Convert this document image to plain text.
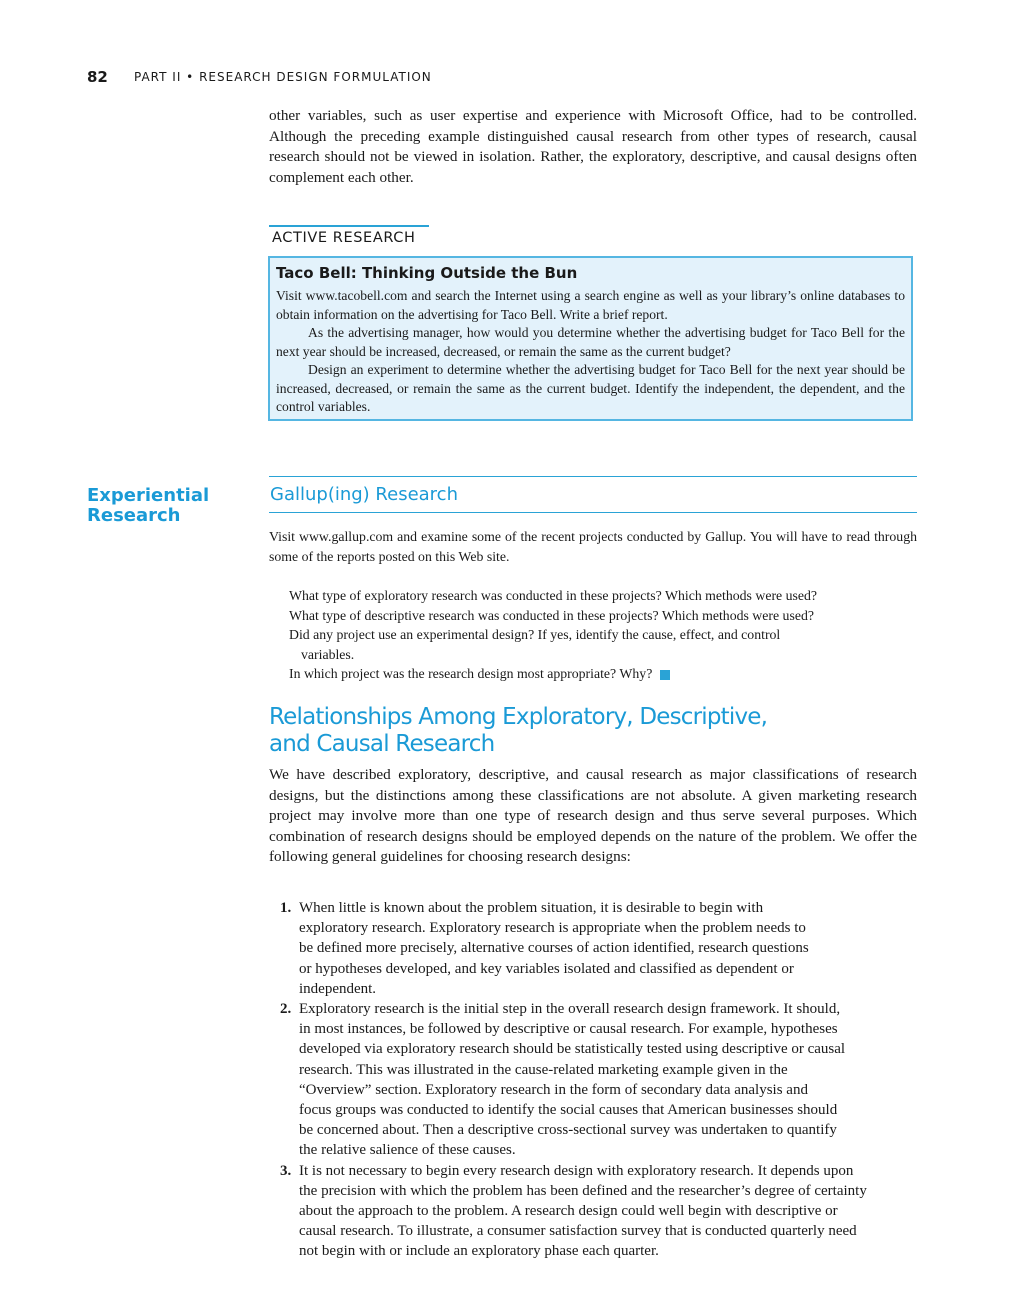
82 PART II • RESEARCH DESIGN FORMULATION

other variables, such as user expertise and experience with Microsoft Office, had to be controlled. Although the preceding example distinguished causal research from other types of research, causal research should not be viewed in isolation. Rather, the exploratory, descriptive, and causal designs often complement each other.

ACTIVE RESEARCH
Taco Bell: Thinking Outside the Bun

Visit www.tacobell.com and search the Internet using a search engine as well as your library’s online databases to obtain information on the advertising for Taco Bell. Write a brief report.

As the advertising manager, how would you determine whether the advertising budget for Taco Bell for the next year should be increased, decreased, or remain the same as the current budget?

Design an experiment to determine whether the advertising budget for Taco Bell for the next year should be increased, decreased, or remain the same as the current budget. Identify the independent, the dependent, and the control variables.

Experiential
Research
Gallup(ing) Research

Visit www.gallup.com and examine some of the recent projects conducted by Gallup. You will have to read through some of the reports posted on this Web site.

What type of exploratory research was conducted in these projects? Which methods were used?
What type of descriptive research was conducted in these projects? Which methods were used?
Did any project use an experimental design? If yes, identify the cause, effect, and control
variables.
In which project was the research design most appropriate? Why?
Relationships Among Exploratory, Descriptive,
and Causal Research

We have described exploratory, descriptive, and causal research as major classifications of research designs, but the distinctions among these classifications are not absolute. A given marketing research project may involve more than one type of research design and thus serve several purposes. Which combination of research designs should be employed depends on the nature of the problem. We offer the following general guidelines for choosing research designs:

1. When little is known about the problem situation, it is desirable to begin with
exploratory research. Exploratory research is appropriate when the problem needs to
be defined more precisely, alternative courses of action identified, research questions
or hypotheses developed, and key variables isolated and classified as dependent or
independent.
2. Exploratory research is the initial step in the overall research design framework. It should,
in most instances, be followed by descriptive or causal research. For example, hypotheses
developed via exploratory research should be statistically tested using descriptive or causal
research. This was illustrated in the cause-related marketing example given in the
“Overview” section. Exploratory research in the form of secondary data analysis and
focus groups was conducted to identify the social causes that American businesses should
be concerned about. Then a descriptive cross-sectional survey was undertaken to quantify
the relative salience of these causes.
3. It is not necessary to begin every research design with exploratory research. It depends upon
the precision with which the problem has been defined and the researcher’s degree of certainty
about the approach to the problem. A research design could well begin with descriptive or
causal research. To illustrate, a consumer satisfaction survey that is conducted quarterly need
not begin with or include an exploratory phase each quarter.
